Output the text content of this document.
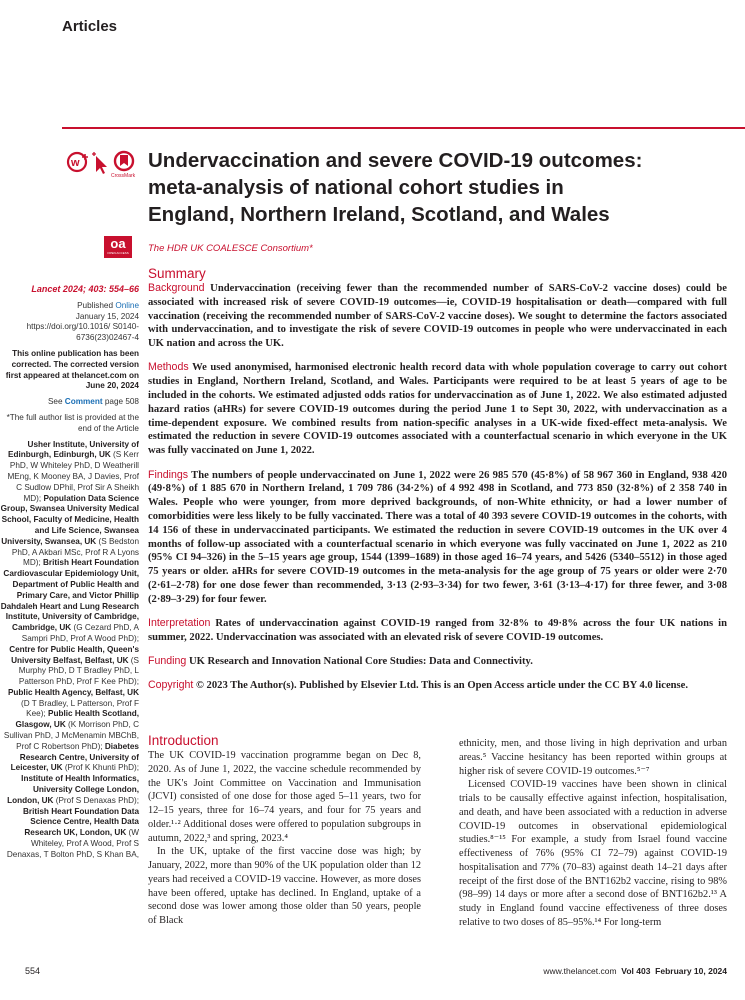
Articles
w
CrossMark
oa
OPEN ACCESS
Undervaccination and severe COVID-19 outcomes: meta-analysis of national cohort studies in England, Northern Ireland, Scotland, and Wales
The HDR UK COALESCE Consortium*

Lancet 2024; 403: 554–66

Published Online
January 15, 2024
https://doi.org/10.1016/ S0140-6736(23)02467-4

This online publication has been corrected. The corrected version first appeared at thelancet.com on June 20, 2024

See Comment page 508

*The full author list is provided at the end of the Article

Usher Institute, University of Edinburgh, Edinburgh, UK (S Kerr PhD, W Whiteley PhD, D Weatherill MEng, K Mooney BA, J Davies, Prof C Sudlow DPhil, Prof Sir A Sheikh MD); Population Data Science Group, Swansea University Medical School, Faculty of Medicine, Health and Life Science, Swansea University, Swansea, UK (S Bedston PhD, A Akbari MSc, Prof R A Lyons MD); British Heart Foundation Cardiovascular Epidemiology Unit, Department of Public Health and Primary Care, and Victor Phillip Dahdaleh Heart and Lung Research Institute, University of Cambridge, Cambridge, UK (G Cezard PhD, A Sampri PhD, Prof A Wood PhD); Centre for Public Health, Queen's University Belfast, Belfast, UK (S Murphy PhD, D T Bradley PhD, L Patterson PhD, Prof F Kee PhD); Public Health Agency, Belfast, UK (D T Bradley, L Patterson, Prof F Kee); Public Health Scotland, Glasgow, UK (K Morrison PhD, C Sullivan PhD, J McMenamin MBChB, Prof C Robertson PhD); Diabetes Research Centre, University of Leicester, UK (Prof K Khunti PhD); Institute of Health Informatics, University College London, London, UK (Prof S Denaxas PhD); British Heart Foundation Data Science Centre, Health Data Research UK, London, UK (W Whiteley, Prof A Wood, Prof S Denaxas, T Bolton PhD, S Khan BA,

Summary

Background Undervaccination (receiving fewer than the recommended number of SARS-CoV-2 vaccine doses) could be associated with increased risk of severe COVID-19 outcomes—ie, COVID-19 hospitalisation or death—compared with full vaccination (receiving the recommended number of SARS-CoV-2 vaccine doses). We sought to determine the factors associated with undervaccination, and to investigate the risk of severe COVID-19 outcomes in people who were undervaccinated in each UK nation and across the UK.

Methods We used anonymised, harmonised electronic health record data with whole population coverage to carry out cohort studies in England, Northern Ireland, Scotland, and Wales. Participants were required to be at least 5 years of age to be included in the cohorts. We estimated adjusted odds ratios for undervaccination as of June 1, 2022. We also estimated adjusted hazard ratios (aHRs) for severe COVID-19 outcomes during the period June 1 to Sept 30, 2022, with undervaccination as a time-dependent exposure. We combined results from nation-specific analyses in a UK-wide fixed-effect meta-analysis. We estimated the reduction in severe COVID-19 outcomes associated with a counterfactual scenario in which everyone in the UK was fully vaccinated on June 1, 2022.

Findings The numbers of people undervaccinated on June 1, 2022 were 26 985 570 (45·8%) of 58 967 360 in England, 938 420 (49·8%) of 1 885 670 in Northern Ireland, 1 709 786 (34·2%) of 4 992 498 in Scotland, and 773 850 (32·8%) of 2 358 740 in Wales. People who were younger, from more deprived backgrounds, of non-White ethnicity, or had a lower number of comorbidities were less likely to be fully vaccinated. There was a total of 40 393 severe COVID-19 outcomes in the cohorts, with 14 156 of these in undervaccinated participants. We estimated the reduction in severe COVID-19 outcomes in the UK over 4 months of follow-up associated with a counterfactual scenario in which everyone was fully vaccinated on June 1, 2022 as 210 (95% CI 94–326) in the 5–15 years age group, 1544 (1399–1689) in those aged 16–74 years, and 5426 (5340–5512) in those aged 75 years or older. aHRs for severe COVID-19 outcomes in the meta-analysis for the age group of 75 years or older were 2·70 (2·61–2·78) for one dose fewer than recommended, 3·13 (2·93–3·34) for two fewer, 3·61 (3·13–4·17) for three fewer, and 3·08 (2·89–3·29) for four fewer.

Interpretation Rates of undervaccination against COVID-19 ranged from 32·8% to 49·8% across the four UK nations in summer, 2022. Undervaccination was associated with an elevated risk of severe COVID-19 outcomes.

Funding UK Research and Innovation National Core Studies: Data and Connectivity.

Copyright © 2023 The Author(s). Published by Elsevier Ltd. This is an Open Access article under the CC BY 4.0 license.

Introduction

The UK COVID-19 vaccination programme began on Dec 8, 2020. As of June 1, 2022, the vaccine schedule recommended by the UK's Joint Committee on Vaccination and Immunisation (JCVI) consisted of one dose for those aged 5–11 years, two for 12–15 years, three for 16–74 years, and four for 75 years and older.¹·² Additional doses were offered to population subgroups in autumn, 2022,³ and spring, 2023.⁴

In the UK, uptake of the first vaccine dose was high; by January, 2022, more than 90% of the UK population older than 12 years had received a COVID-19 vaccine. However, as more doses have been offered, uptake has declined. In England, uptake of a second dose was lower among those older than 50 years, people of Black

ethnicity, men, and those living in high deprivation and urban areas.⁵ Vaccine hesitancy has been reported within groups at higher risk of severe COVID-19 outcomes.⁵⁻⁷

Licensed COVID-19 vaccines have been shown in clinical trials to be causally effective against infection, hospitalisation, and death, and have been associated with a reduction in adverse COVID-19 outcomes in observational epidemiological studies.⁸⁻¹⁵ For example, a study from Israel found vaccine effectiveness of 76% (95% CI 72–79) against COVID-19 hospitalisation and 77% (70–83) against death 14–21 days after receipt of the first dose of the BNT162b2 vaccine, rising to 98% (98–99) 14 days or more after a second dose of BNT162b2.¹³ A study in England found vaccine effectiveness of three doses relative to two doses of 85–95%.¹⁴ For long-term

554	www.thelancet.com Vol 403 February 10, 2024
